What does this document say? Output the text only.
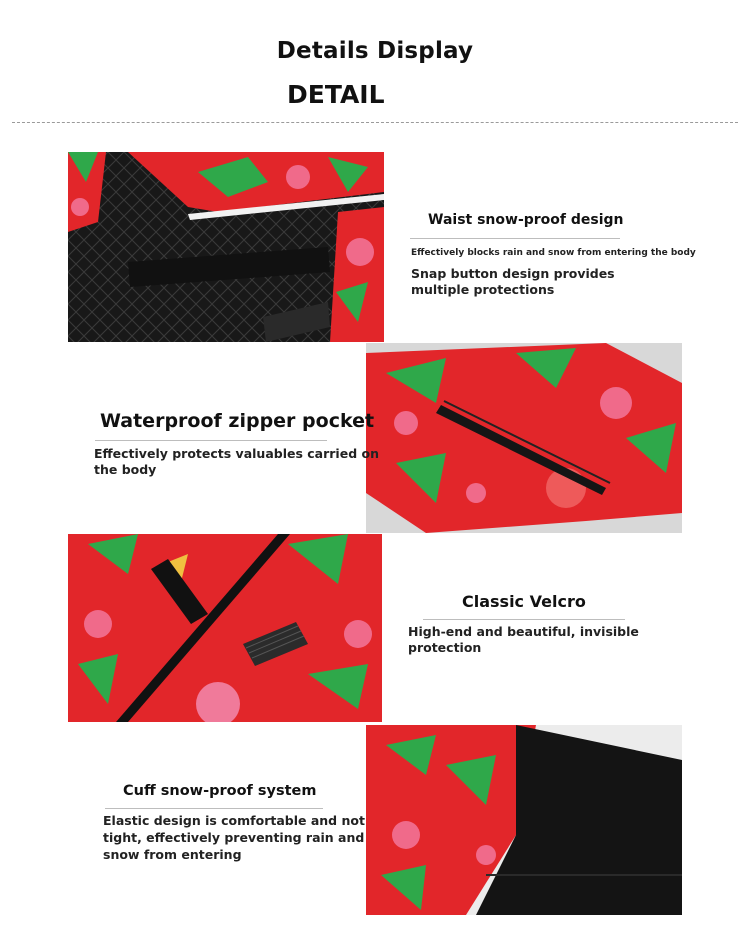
Details Display
DETAIL
Waist snow-proof design
Effectively blocks rain and snow from entering the body
Snap button design provides
multiple protections
Waterproof zipper pocket
Effectively protects valuables carried on
the body
Classic Velcro
High-end and beautiful, invisible
protection
Cuff snow-proof system
Elastic design is comfortable and not
tight, effectively preventing rain and
snow from entering
